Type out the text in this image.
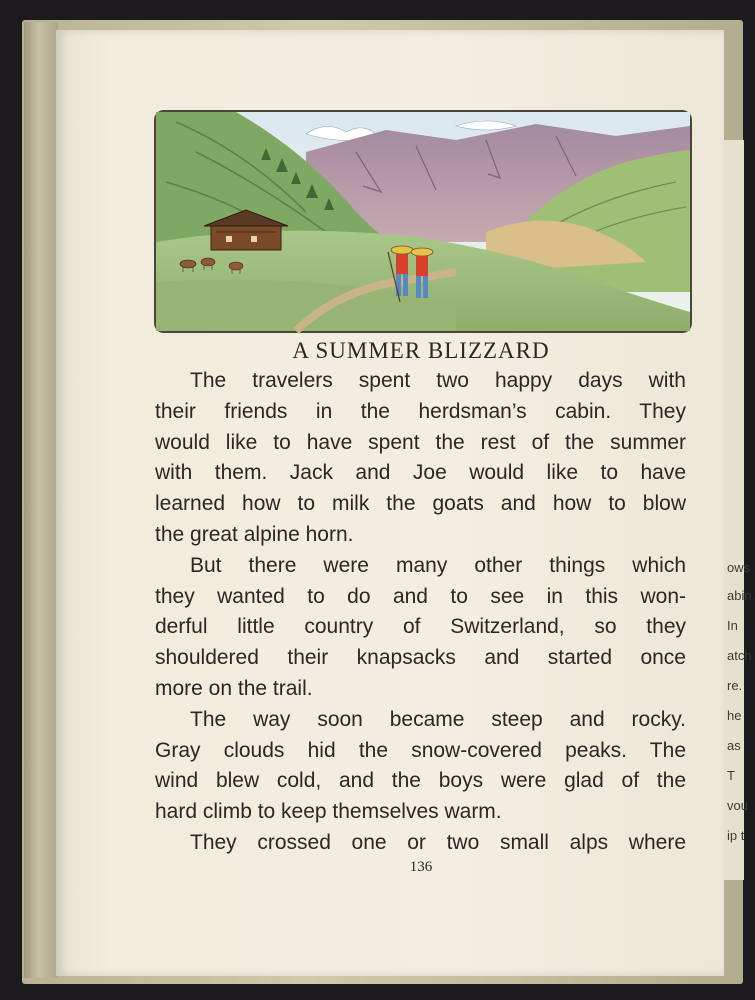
ows
abin.
In
atch
re.
he
as
T
vou
ip t
A SUMMER BLIZZARD

The travelers spent two happy days with

their friends in the herdsman’s cabin. They

would like to have spent the rest of the summer

with them. Jack and Joe would like to have

learned how to milk the goats and how to blow

the great alpine horn.

But there were many other things which

they wanted to do and to see in this won-

derful little country of Switzerland, so they

shouldered their knapsacks and started once

more on the trail.

The way soon became steep and rocky.

Gray clouds hid the snow-covered peaks. The

wind blew cold, and the boys were glad of the

hard climb to keep themselves warm.

They crossed one or two small alps where

136
